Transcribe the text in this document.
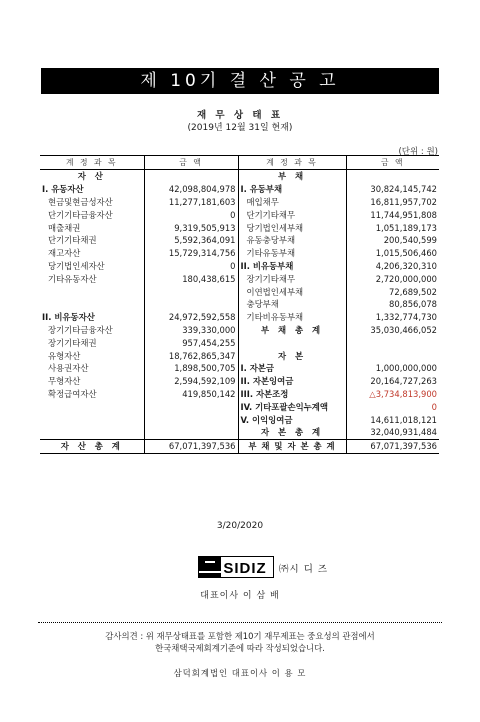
제 10기 결 산 공 고
재 무 상 태 표
(2019년 12월 31일 현재)
(단위 : 원)
계 정 과 목	금 액	계 정 과 목	금 액
자 산		부 채	
I. 유동자산	42,098,804,978	I. 유동부채	30,824,145,742
현금및현금성자산	11,277,181,603	매입채무	16,811,957,702
단기기타금융자산	0	단기기타채무	11,744,951,808
매출채권	9,319,505,913	당기법인세부채	1,051,189,173
단기기타채권	5,592,364,091	유동충당부채	200,540,599
재고자산	15,729,314,756	기타유동부채	1,015,506,460
당기법인세자산	0	II. 비유동부채	4,206,320,310
기타유동자산	180,438,615	장기기타채무	2,720,000,000
		이연법인세부채	72,689,502
		충당부채	80,856,078
II. 비유동자산	24,972,592,558	기타비유동부채	1,332,774,730
장기기타금융자산	339,330,000	부 채 총 계	35,030,466,052
장기기타채권	957,454,255		
유형자산	18,762,865,347	자 본	
사용권자산	1,898,500,705	I. 자본금	1,000,000,000
무형자산	2,594,592,109	II. 자본잉여금	20,164,727,263
확정급여자산	419,850,142	III. 자본조정	△3,734,813,900
		IV. 기타포괄손익누계액	0
		V. 이익잉여금	14,611,018,121
		자 본 총 계	32,040,931,484
자 산 총 계	67,071,397,536	부 채 및 자 본 총 계	67,071,397,536
3/20/2020
SIDIZ ㈜시 디 즈
대표이사 이 삼 배
감사의견 : 위 재무상태표를 포함한 제10기 재무제표는 중요성의 관점에서
한국채택국제회계기준에 따라 작성되었습니다.
삼덕회계법인 대표이사 이 용 모
